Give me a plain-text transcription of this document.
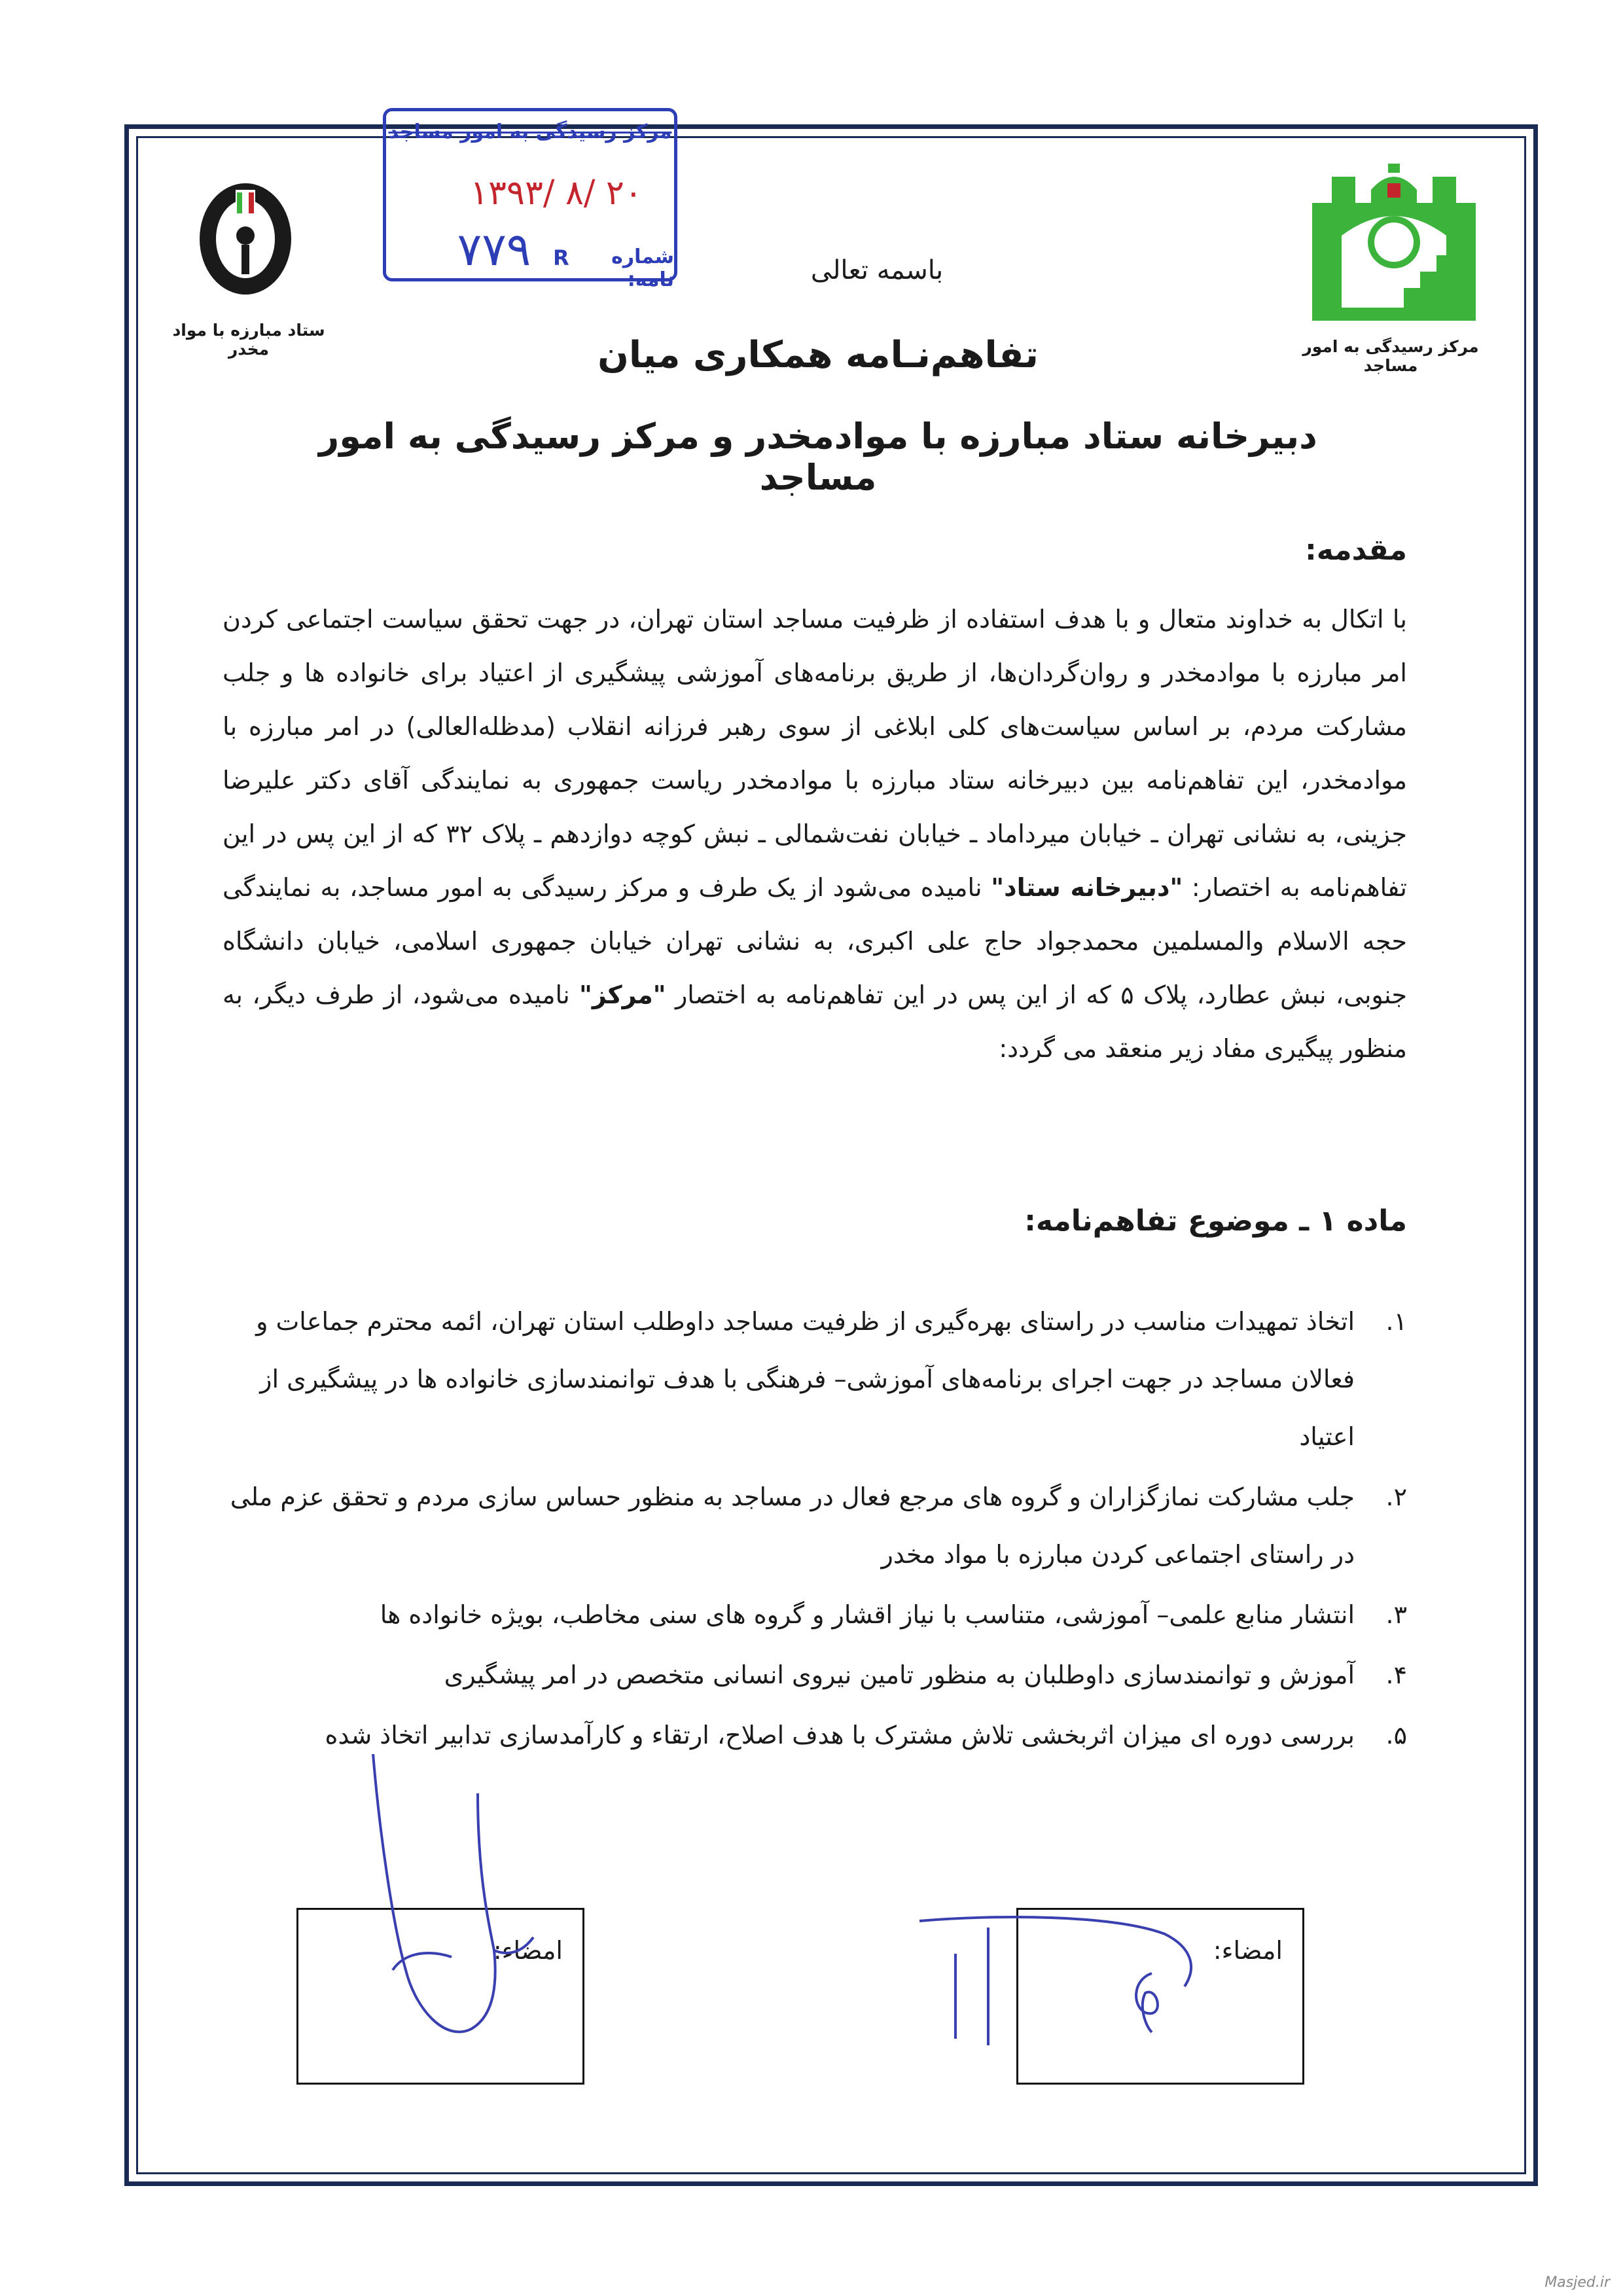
مرکز رسیدگی به امور مساجد
ستاد مبارزه با مواد مخدر
مرکز رسیدگی به امور مساجد
۱۳۹۳/ ۸/ ۲۰
۷۷۹	R	شماره نامه:	باسمه تعالی
تفاهم‌نـامه همکاری میان
دبیرخانه ستاد مبارزه با موادمخدر و مرکز رسیدگی به امور مساجد
مقدمه:
با اتکال به خداوند متعال و با هدف استفاده از ظرفیت مساجد استان تهران، در جهت تحقق سیاست اجتماعی کردن امر مبارزه با موادمخدر و روان‌گردان‌ها، از طریق برنامه‌های آموزشی پیشگیری از اعتیاد برای خانواده ها و جلب مشارکت مردم، بر اساس سیاست‌های کلی ابلاغی از سوی رهبر فرزانه انقلاب (مدظله‌العالی) در امر مبارزه با موادمخدر، این تفاهم‌نامه بین دبیرخانه ستاد مبارزه با موادمخدر ریاست جمهوری به نمایندگی آقای دکتر علیرضا جزینی، به نشانی تهران ـ خیابان میرداماد ـ خیابان نفت‌شمالی ـ نبش کوچه دوازدهم ـ پلاک ۳۲ که از این پس در این تفاهم‌نامه به اختصار: "دبیرخانه ستاد" نامیده می‌شود از یک طرف و مرکز رسیدگی به امور مساجد، به نمایندگی حجه الاسلام والمسلمین محمدجواد حاج علی اکبری، به نشانی تهران خیابان جمهوری اسلامی، خیابان دانشگاه جنوبی، نبش عطارد، پلاک ۵ که از این پس در این تفاهم‌نامه به اختصار "مرکز" نامیده می‌شود، از طرف دیگر، به منظور پیگیری مفاد زیر منعقد می گردد:
ماده ۱ ـ موضوع تفاهم‌نامه:
۱.
اتخاذ تمهیدات مناسب در راستای بهره‌گیری از ظرفیت مساجد داوطلب استان تهران، ائمه محترم جماعات و فعالان مساجد در جهت اجرای برنامه‌های آموزشی– فرهنگی با هدف توانمندسازی خانواده ها در پیشگیری از اعتیاد
۲.
جلب مشارکت نمازگزاران و گروه های مرجع فعال در مساجد به منظور حساس سازی مردم و تحقق عزم ملی در راستای اجتماعی کردن مبارزه با مواد مخدر
۳.
انتشار منابع علمی– آموزشی، متناسب با نیاز اقشار و گروه های سنی مخاطب، بویژه خانواده ها
۴.
آموزش و توانمندسازی داوطلبان به منظور تامین نیروی انسانی متخصص در امر پیشگیری
۵.
بررسی دوره ای میزان اثربخشی تلاش مشترک با هدف اصلاح، ارتقاء و کارآمدسازی تدابیر اتخاذ شده
امضاء:	امضاء:
Masjed.ir
